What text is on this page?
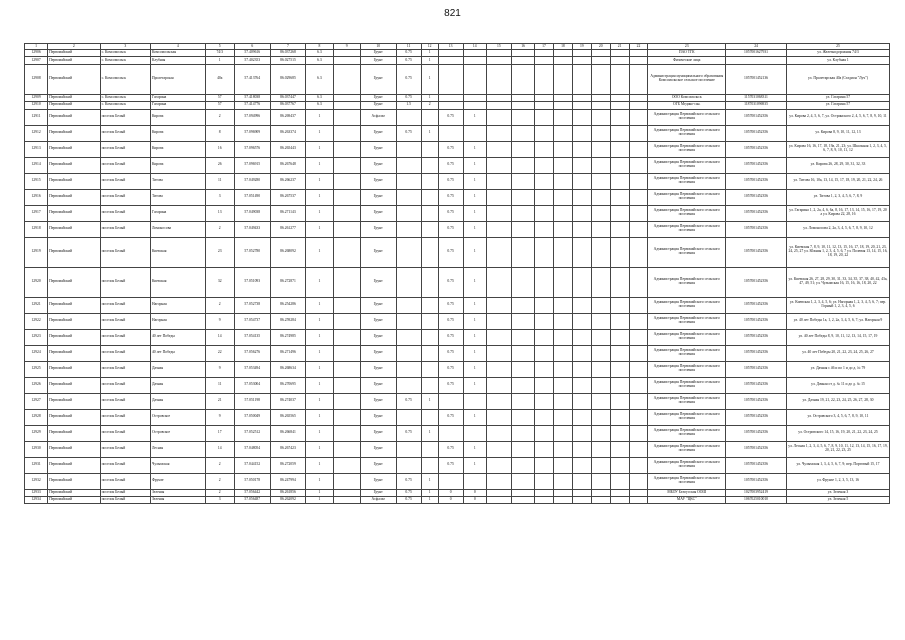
821
1	2	3	4	5	6	7	8	9	10	11	12	13	14	15	16	17	18	19	20	21	22	23	24	25
12906	Первомайский	с. Комсомольск	Комсомольская	74/3	57.409616	86.037268	6.3		Грунт	0.75	1											ПАО ТГК	1057001627931	ул. Железнодорожная 74/3
12907	Первомайский	с. Комсомольск	Клубная	1	57.402353	86.027515	6.3		Грунт	0.75	1											Физические лица		ул. Клубная 1
12908	Первомайский	с. Комсомольск	Пролетарская	40а	57.413764	86.029685	6.3		Грунт	0.75	1											Администрация муниципального образования Комсомольское сельское поселение	1057001452136	ул. Пролетарская 40а (Стадион "Луч")
12909	Первомайский	с. Комсомольск	Гагарина	57	57.418038	86.037447	6.3		Грунт	0.75	1											ООО Комсомольск	1157031068311	ул. Гагарина 57
12910	Первомайский	с. Комсомольск	Гагарина	57	57.414776	86.037767	6.3		Грунт	1.5	2											ОГБ Медико-сан.	1187031096935	ул. Гагарина 57
12911	Первомайский	поселок Белый	Кирова	2	57.094996	86.269437	1		Асфальт			0.75	1									Администрация Первомайского сельского поселения	1057001452356	ул. Кирова 2, 4, 5, 6, 7, ул. Остринского 2, 4, 5, 6, 7, 8, 9, 10, 11
12912	Первомайский	поселок Белый	Кирова	8	57.096909	86.263374	1		Грунт	0.75	1											Администрация Первомайского сельского поселения	1057001452356	ул. Кирова 8, 9, 10, 11, 12, 13
12913	Первомайский	поселок Белый	Кирова	16	57.096576	86.265443	1		Грунт			0.75	1									Администрация Первомайского сельского поселения	1057001452356	ул. Кирова 16, 16, 17, 18, 19а, 21, 23; ул. Школьная 1, 2, 3, 4, 5, 6, 7, 8, 9, 10, 11, 12
12914	Первомайский	поселок Белый	Кирова	26	57.096915	86.267648	1		Грунт			0.75	1									Администрация Первомайского сельского поселения	1057001452356	ул. Кирова 26, 28, 29, 30, 31, 32, 33
12915	Первомайский	поселок Белый	Титова	11	57.049280	86.266237	1		Грунт			0.75	1									Администрация Первомайского сельского поселения	1057001452356	ул. Титова 16, 10а, 13, 14, 15, 17, 18, 19, 20, 21, 22, 24, 26
12916	Первомайский	поселок Белый	Титова	3	57.051490	86.267537	1		Грунт			0.75	1									Администрация Первомайского сельского поселения	1057001452356	ул. Титова 1, 2, 3, 4, 5, 6, 7, 8, 9
12917	Первомайский	поселок Белый	Гагарина	13	57.049038	86.271143	1		Грунт			0.75	1									Администрация Первомайского сельского поселения	1057001452356	ул. Гагарина 1, 2, 2а, 4, 6, 6а, 8, 16, 17, 13, 14, 15, 16, 17, 19, 20 а ул. Кирова 22, 28, 16
12918	Первомайский	поселок Белый	Ломоносова	2	57.049433	86.261277	1		Грунт			0.75	1									Администрация Первомайского сельского поселения	1057001452356	ул. Ломоносова 2, 2а, 3, 4, 5, 6, 7, 8, 9, 10, 12
12919	Первомайский	поселок Белый	Киевская	23	57.052780	86.268092	1		Грунт			0.75	1									Администрация Первомайского сельского поселения	1057001452356	ул. Киевская 7, 8, 9, 10, 11, 12, 13, 15, 16, 17, 18, 19, 20, 21, 23, 24, 25, 27 ул. Южная 1, 2, 3, 4, 5, 6, 7 ул. Полевая 13, 14, 15, 16, 18, 19, 20, 22
12920	Первомайский	поселок Белый	Киевская	32	57.051093	86.272871	1		Грунт			0.75	1									Администрация Первомайского сельского поселения	1057001452356	ул. Киевская 26, 27, 28, 29, 30, 31, 33, 34, 35, 37, 38, 40, 42, 43а, 47, 49, 51; ул. Чулымская 16, 15, 16, 16, 18, 20, 22
12921	Первомайский	поселок Белый	Нагорная	2	57.052738	86.254286	1		Грунт			0.75	1									Администрация Первомайского сельского поселения	1057001452356	ул. Киевская 1, 2, 3, 4, 5, 6; ул. Нагорная 1, 2, 3, 4, 5, 6, 7; пер. Горный 1, 2, 3, 4, 5, 6
12922	Первомайский	поселок Белый	Нагорная	9	57.054737	86.259284	1		Грунт			0.75	1									Администрация Первомайского сельского поселения	1057001452356	ул. 40 лет Победы 1а, 1, 2, 2а, 3, 4, 5, 6, 7; ул. Нагорная 9
12923	Первомайский	поселок Белый	40 лет Победы	14	57.054135	86.274985	1		Грунт			0.75	1									Администрация Первомайского сельского поселения	1057001452356	ул. 40 лет Победы 8, 9, 10, 11, 12, 13, 14, 15, 17, 19
12924	Первомайский	поселок Белый	40 лет Победы	22	57.056276	86.271496	1		Грунт			0.75	1									Администрация Первомайского сельского поселения	1057001452356	ул. 40 лет Победы 20, 21, 22, 23, 24, 25, 26, 27
12925	Первомайский	поселок Белый	Дачная	9	57.053494	86.268634	1		Грунт			0.75	1									Администрация Первомайского сельского поселения	1057001452356	ул. Дачная с 46 и по 1 и до д. № 79
12926	Первомайский	поселок Белый	Дачная	11	57.053004	86.270695	1		Грунт			0.75	1									Администрация Первомайского сельского поселения	1057001452356	ул. Дачная от д. № 11 и до д. № 15
12927	Первомайский	поселок Белый	Дачная	21	57.051198	86.274037	1		Грунт	0.75	1											Администрация Первомайского сельского поселения	1057001452356	ул. Дачная 19, 21, 22, 23, 24, 25, 26, 27, 28, 30
12928	Первомайский	поселок Белый	Островское	9	57.050049	86.265565	1		Грунт			0.75	1									Администрация Первомайского сельского поселения	1057001452356	ул. Островского 3, 4, 5, 6, 7, 8, 9, 10, 11
12929	Первомайский	поселок Белый	Островское	17	57.052512	86.266841	1		Грунт	0.75	1											Администрация Первомайского сельского поселения	1057001452356	ул. Островского 14, 15, 16, 19, 20, 21, 22, 23, 24, 25
12930	Первомайский	поселок Белый	Лесная	14	57.048054	86.267423	1		Грунт			0.75	1									Администрация Первомайского сельского поселения	1057001452356	ул. Лесная 1, 2, 3, 4, 5, 6, 7, 8, 9, 10, 11, 12, 13, 14, 15, 16, 17, 19, 20, 21, 22, 23, 25
12931	Первомайский	поселок Белый	Чулымская	2	57.044152	86.272059	1		Грунт			0.75	1									Администрация Первомайского сельского поселения	1057001452356	ул. Чулымская 1, 3, 4, 5, 6, 7, 9; пер. Портовый 15, 17
12932	Первомайский	поселок Белый	Фрунзе	2	57.050178	86.247994	1		Грунт	0.75	1											Администрация Первомайского сельского поселения	1057001452356	ул. Фрунзе 1, 2, 3, 5, 13, 16
12933	Первомайский	поселок Белый	Зеленая	2	57.056442	86.261856	1		Грунт	0.75	1	0	0									МБОУ Белоусская ООШ	1027003952419	ул. Зеленая 3
12934	Первомайский	поселок Белый	Зеленая	3	57.056487	86.262092	1		Асфальт	0.75	1	0	0									МАУ "ЦКС"	1067025010010	ул. Зеленая 5
